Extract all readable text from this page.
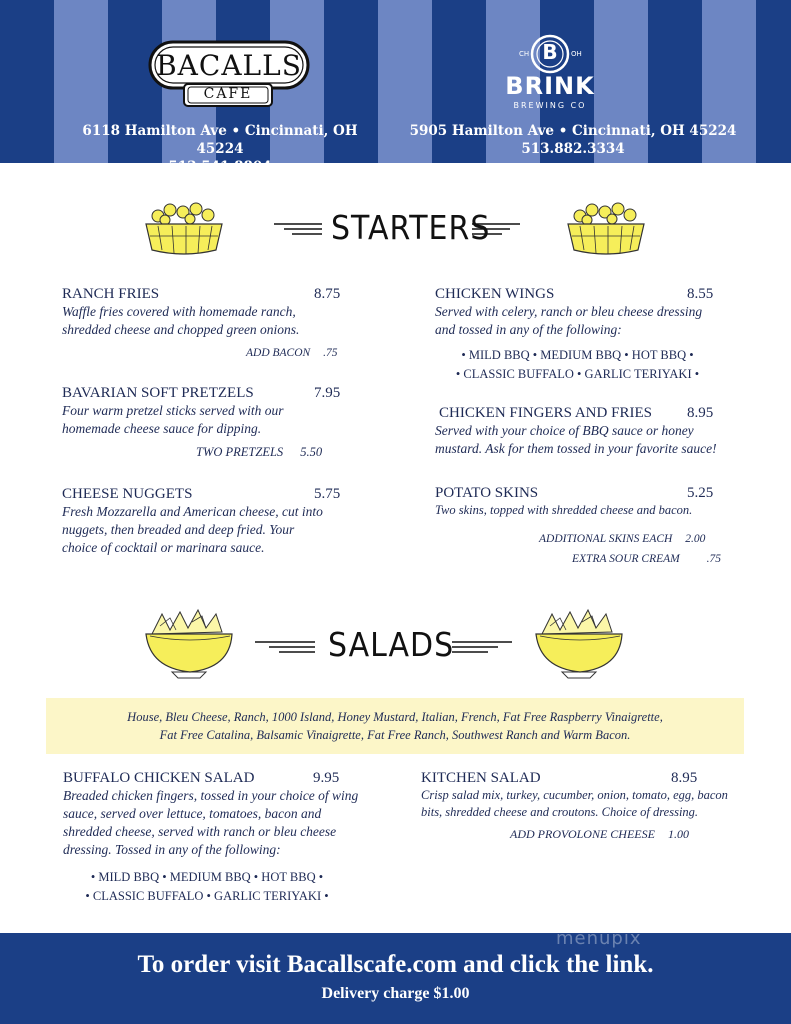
BACALLS
CAFE
B
CH	OH
BRINK
BREWING CO
6118 Hamilton Ave • Cincinnati, OH 45224
513.541.8804
5905 Hamilton Ave • Cincinnati, OH 45224
513.882.3334
STARTERS
RANCH FRIES	8.75
Waffle fries covered with homemade ranch, shredded cheese and chopped green onions.
ADD BACON .75
BAVARIAN SOFT PRETZELS	7.95
Four warm pretzel sticks served with our homemade cheese sauce for dipping.
TWO PRETZELS 5.50
CHEESE NUGGETS	5.75
Fresh Mozzarella and American cheese, cut into nuggets, then breaded and deep fried. Your choice of cocktail or marinara sauce.
CHICKEN WINGS	8.55
Served with celery, ranch or bleu cheese dressing and tossed in any of the following:
• MILD BBQ • MEDIUM BBQ • HOT BBQ •
• CLASSIC BUFFALO • GARLIC TERIYAKI •
CHICKEN FINGERS AND FRIES 8.95
Served with your choice of BBQ sauce or honey mustard. Ask for them tossed in your favorite sauce!
POTATO SKINS	5.25
Two skins, topped with shredded cheese and bacon.
ADDITIONAL SKINS EACH 2.00
EXTRA SOUR CREAM .75
SALADS
House, Bleu Cheese, Ranch, 1000 Island, Honey Mustard, Italian, French, Fat Free Raspberry Vinaigrette,
Fat Free Catalina, Balsamic Vinaigrette, Fat Free Ranch, Southwest Ranch and Warm Bacon.
BUFFALO CHICKEN SALAD	9.95
Breaded chicken fingers, tossed in your choice of wing sauce, served over lettuce, tomatoes, bacon and shredded cheese, served with ranch or bleu cheese dressing. Tossed in any of the following:
• MILD BBQ • MEDIUM BBQ • HOT BBQ •
• CLASSIC BUFFALO • GARLIC TERIYAKI •
KITCHEN SALAD	8.95
Crisp salad mix, turkey, cucumber, onion, tomato, egg, bacon bits, shredded cheese and croutons. Choice of dressing.
ADD PROVOLONE CHEESE 1.00
To order visit Bacallscafe.com and click the link.
Delivery charge $1.00
menupix
